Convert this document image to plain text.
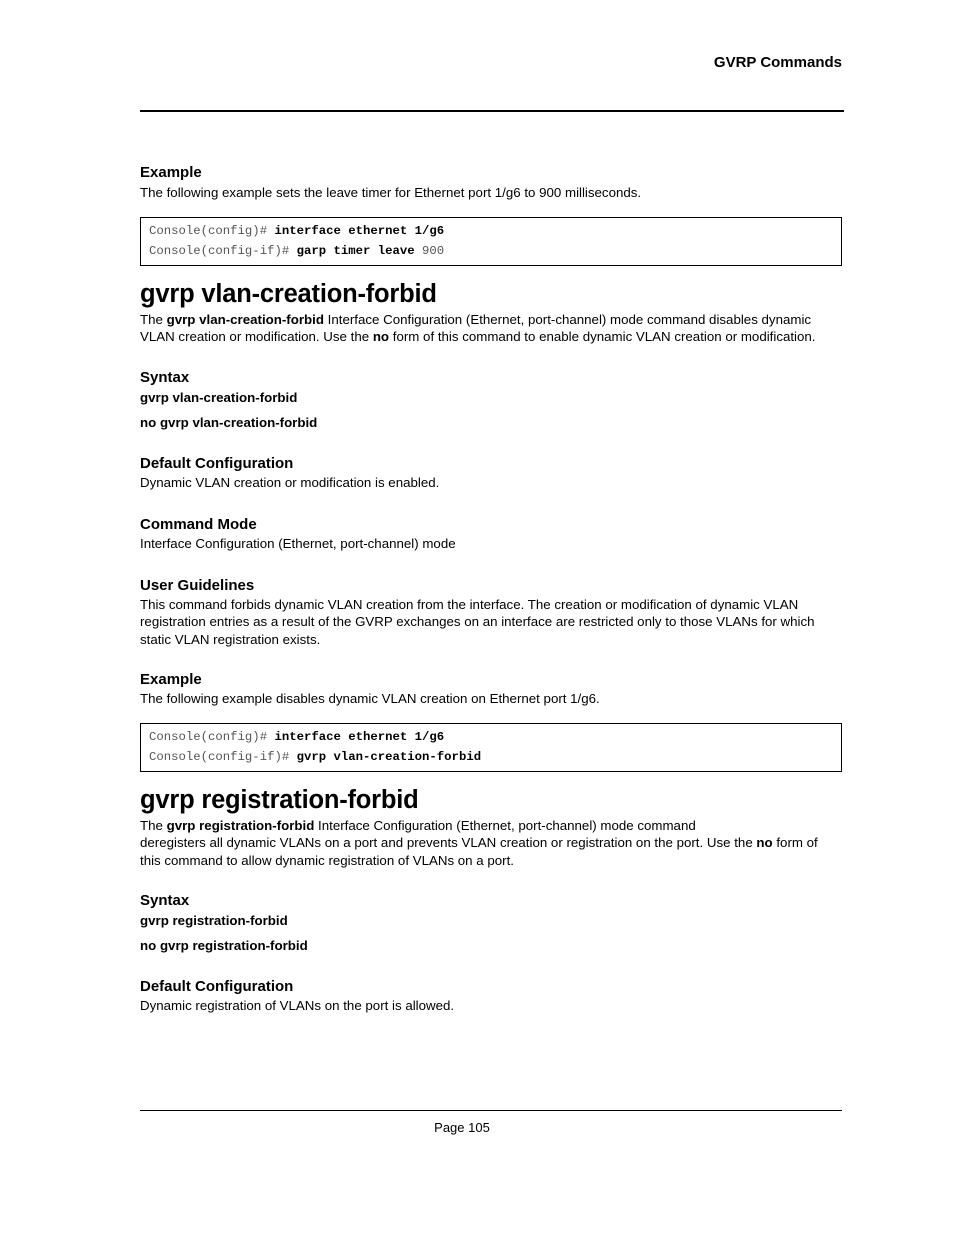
GVRP Commands
Example
The following example sets the leave timer for Ethernet port 1/g6 to 900 milliseconds.
Console(config)# interface ethernet 1/g6
Console(config-if)# garp timer leave 900
gvrp vlan-creation-forbid
The gvrp vlan-creation-forbid Interface Configuration (Ethernet, port-channel) mode command disables dynamic VLAN creation or modification. Use the no form of this command to enable dynamic VLAN creation or modification.
Syntax
gvrp vlan-creation-forbid
no gvrp vlan-creation-forbid
Default Configuration
Dynamic VLAN creation or modification is enabled.
Command Mode
Interface Configuration (Ethernet, port-channel) mode
User Guidelines
This command forbids dynamic VLAN creation from the interface. The creation or modification of dynamic VLAN registration entries as a result of the GVRP exchanges on an interface are restricted only to those VLANs for which static VLAN registration exists.
Example
The following example disables dynamic VLAN creation on Ethernet port 1/g6.
Console(config)# interface ethernet 1/g6
Console(config-if)# gvrp vlan-creation-forbid
gvrp registration-forbid
The gvrp registration-forbid Interface Configuration (Ethernet, port-channel) mode command
deregisters all dynamic VLANs on a port and prevents VLAN creation or registration on the port. Use the no form of this command to allow dynamic registration of VLANs on a port.
Syntax
gvrp registration-forbid
no gvrp registration-forbid
Default Configuration
Dynamic registration of VLANs on the port is allowed.
Page 105
